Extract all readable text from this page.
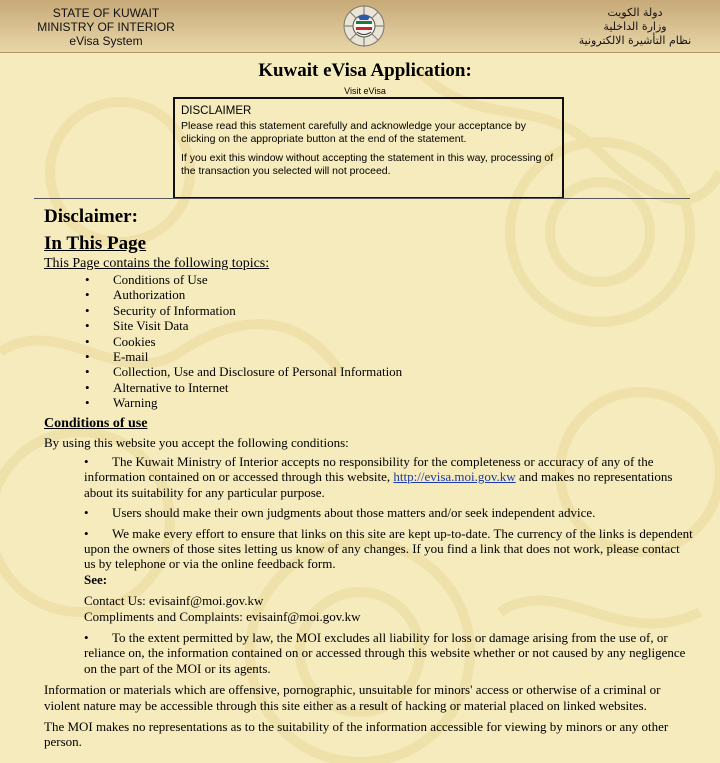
STATE OF KUWAIT
MINISTRY OF INTERIOR
eVisa System
دولة الكويت
وزارة الداخلية
نظام التأشيرة الالكترونية
Kuwait eVisa Application:
Visit eVisa
DISCLAIMER

Please read this statement carefully and acknowledge your acceptance by clicking on the appropriate button at the end of the statement.

If you exit this window without accepting the statement in this way, processing of the transaction you selected will not proceed.

Disclaimer:
In This Page
This Page contains the following topics:
• Conditions of Use
• Authorization
• Security of Information
• Site Visit Data
• Cookies
• E-mail
• Collection, Use and Disclosure of Personal Information
• Alternative to Internet
• Warning
Conditions of use
By using this website you accept the following conditions:
• The Kuwait Ministry of Interior accepts no responsibility for the completeness or accuracy of any of the information contained on or accessed through this website, http://evisa.moi.gov.kw and makes no representations about its suitability for any particular purpose.
• Users should make their own judgments about those matters and/or seek independent advice.
• We make every effort to ensure that links on this site are kept up-to-date. The currency of the links is dependent upon the owners of those sites letting us know of any changes. If you find a link that does not work, please contact us by telephone or via the online feedback form.
See:
Contact Us: evisainf@moi.gov.kw
Compliments and Complaints: evisainf@moi.gov.kw
• To the extent permitted by law, the MOI excludes all liability for loss or damage arising from the use of, or reliance on, the information contained on or accessed through this website whether or not caused by any negligence on the part of the MOI or its agents.
Information or materials which are offensive, pornographic, unsuitable for minors' access or otherwise of a criminal or violent nature may be accessible through this site either as a result of hacking or material placed on linked websites.
The MOI makes no representations as to the suitability of the information accessible for viewing by minors or any other person.
